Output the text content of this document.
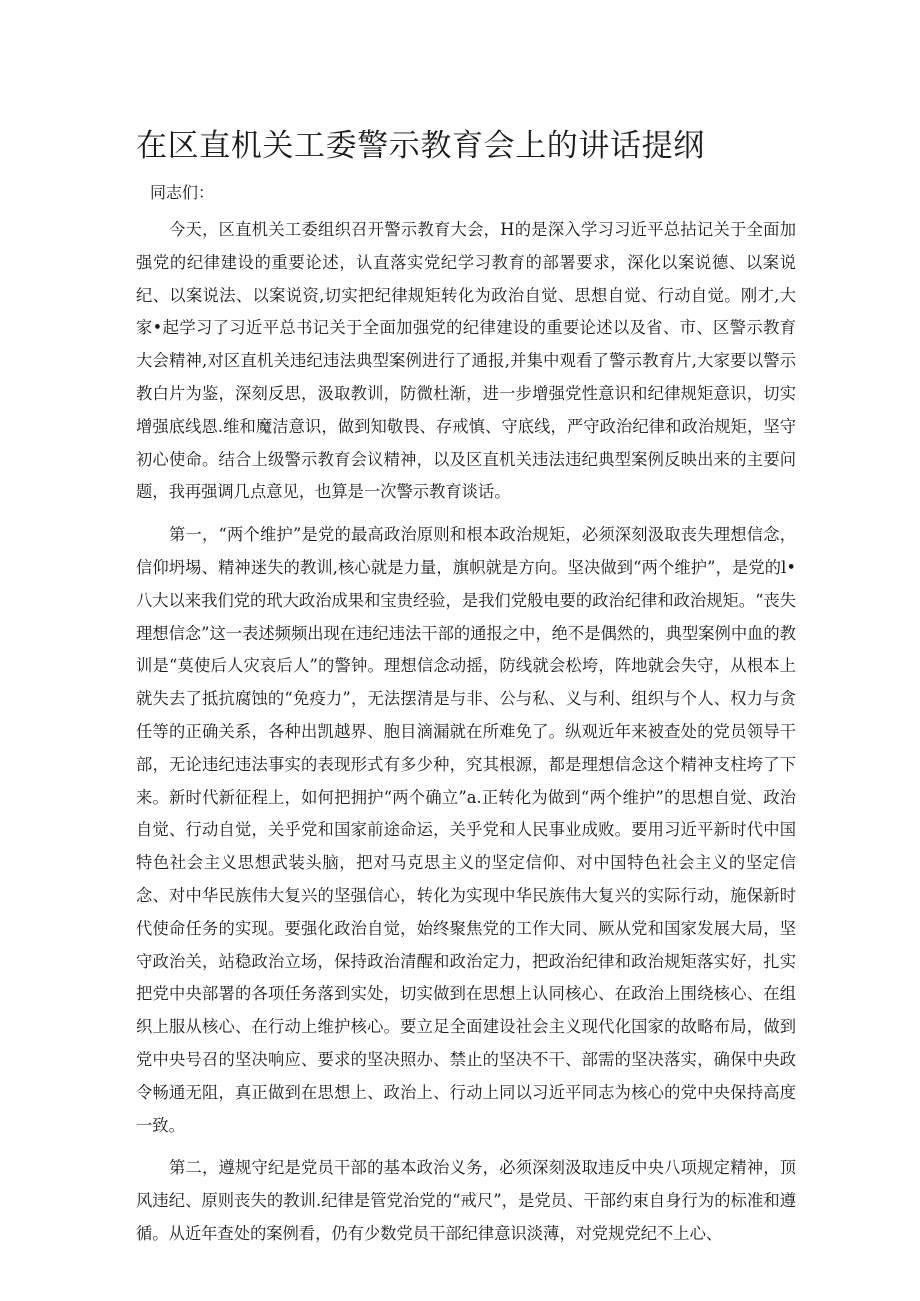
在区直机关工委警示教育会上的讲话提纲

同志们：

今天，区直机关工委组织召开警示教育大会，H的是深入学习习近平总拈记关于全面加强党的纪律建设的重要论述，认直落实党纪学习教育的部署要求，深化以案说德、以案说纪、以案说法、以案说资,切实把纪律规矩转化为政治自觉、思想自觉、行动自觉。刚才,大家•起学习了习近平总书记关于全面加强党的纪律建设的重要论述以及省、市、区警示教育大会精神,对区直机关违纪违法典型案例进行了通报,并集中观看了警示教育片,大家要以警示教白片为鉴，深刻反思，汲取教训，防微杜渐，进一步增强党性意识和纪律规矩意识，切实增强底线恩.维和魔洁意识，做到知敬畏、存戒慎、守底线，严守政治纪律和政治规矩，坚守初心使命。结合上级警示教育会议精神，以及区直机关违法违纪典型案例反映出来的主要问题，我再强调几点意见，也算是一次警示教育谈话。

第一，“两个维护”是党的最高政治原则和根本政治规矩，必须深刻汲取丧失理想信念，信仰坍埸、精神迷失的教训,核心就是力量，旗帜就是方向。坚决做到“两个维护”，是党的l•八大以来我们党的玳大政治成果和宝贵经验，是我们党般电要的政治纪律和政治规矩。“丧失理想信念”这一表述频频出现在违纪违法干部的通报之中，绝不是偶然的，典型案例中血的教训是“莫使后人灾哀后人”的警钟。理想信念动摇，防线就会松垮，阵地就会失守，从根本上就失去了抵抗腐蚀的“免疫力”，无法摆清是与非、公与私、义与利、组织与个人、权力与贪任等的正确关系，各种出凯越界、胞目滴漏就在所难免了。纵观近年来被查处的党员领导干部，无论违纪违法事实的表现形式有多少种，究其根源，都是理想信念这个精神支柱垮了下来。新时代新征程上，如何把拥护“两个确立”a.正转化为做到“两个维护”的思想自觉、政治自觉、行动自觉，关乎党和国家前途命运，关乎党和人民事业成败。要用习近平新时代中国特色社会主义思想武装头脑，把对马克思主义的坚定信仰、对中国特色社会主义的坚定信念、对中华民族伟大复兴的坚强信心，转化为实现中华民族伟大复兴的实际行动，施保新时代使命任务的实现。要强化政治自觉，始终聚焦党的工作大同、厥从党和国家发展大局，坚守政治关，站稳政治立场，保持政治清醒和政治定力，把政治纪律和政治规矩落实好，扎实把党中央部署的各项任务落到实处，切实做到在思想上认同核心、在政治上围绕核心、在组织上服从核心、在行动上维护核心。要立足全面建设社会主义现代化国家的故略布局，做到党中央号召的坚决响应、要求的坚决照办、禁止的坚决不干、部需的坚决落实，确保中央政令畅通无阻，真正做到在思想上、政治上、行动上同以习近平同志为核心的党中央保持高度一致。

第二，遵规守纪是党员干部的基本政治义务，必须深刻汲取违反中央八项规定精神，顶风违纪、原则丧失的教训.纪律是管党治党的“戒尺”，是党员、干部约束自身行为的标准和遵循。从近年查处的案例看，仍有少数党员干部纪律意识淡薄，对党规党纪不上心、
